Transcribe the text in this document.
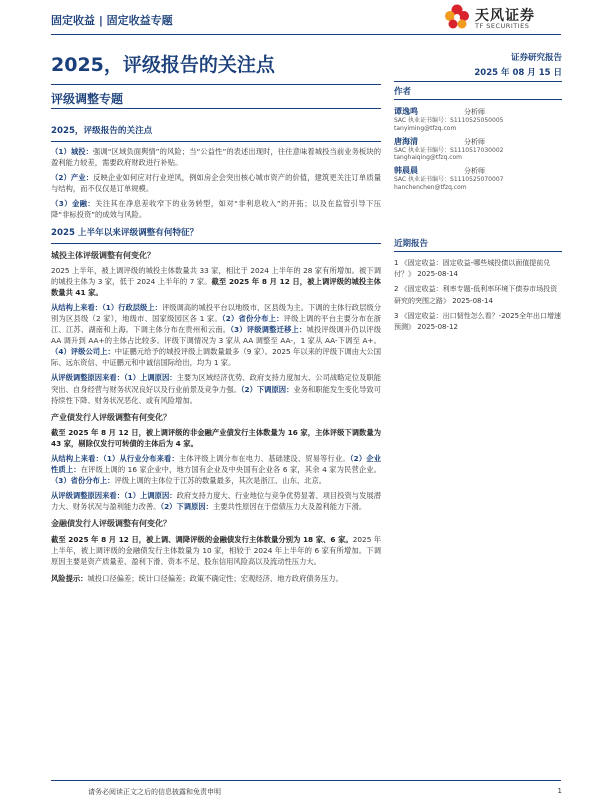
固定收益 | 固定收益专题	天风证券
TF SECURITIES
2025，评级报告的关注点	证券研究报告
2025 年 08 月 15 日
评级调整专题
2025，评级报告的关注点

（1）城投：强调“区域负面舆情”的风险；当“公益性”的表述出现时，往往意味着城投当前业务板块的盈利能力较差，需要政府财政进行补贴。

（2）产业：反映企业如何应对行业逆风，例如房企会突出核心城市资产的价值，建筑更关注订单质量与结构，而不仅仅是订单规模。

（3）金融：关注其在净息差收窄下的业务转型，如对“非利息收入”的开拓；以及在监管引导下压降“非标投资”的成效与风险。

2025 上半年以来评级调整有何特征？
城投主体评级调整有何变化？

2025 上半年，被上调评级的城投主体数量共 33 家，相比于 2024 上半年的 28 家有所增加。被下调的城投主体为 3 家，低于 2024 上半年的 7 家。截至 2025 年 8 月 12 日，被上调评级的城投主体数量共 41 家。

从结构上来看：（1）行政层级上：评级调高的城投平台以地级市、区县级为主。下调的主体行政层级分别为区县级（2 家），地级市、国家级园区各 1 家。（2）省份分布上：评级上调的平台主要分布在浙江、江苏、湖南和上海。下调主体分布在贵州和云南。（3）评级调整迁移上：城投评级调升仍以评级 AA 调升到 AA+的主体占比较多。评级下调情况为 3 家从 AA 调整至 AA-，1 家从 AA-下调至 A+。（4）评级公司上：中证鹏元给予的城投评级上调数量最多（9 家）。2025 年以来的评级下调由大公国际、远东资信、中证鹏元和中诚信国际给出，均为 1 家。

从评级调整原因来看：（1）上调原因：主要为区域经济优势、政府支持力度加大、公司战略定位及职能突出、自身经营与财务状况良好以及行业前景及竞争力强。（2）下调原因：业务和职能发生变化导致可持续性下降、财务状况恶化、或有风险增加。

产业债发行人评级调整有何变化？

截至 2025 年 8 月 12 日，被上调评级的非金融产业债发行主体数量为 16 家，主体评级下调数量为 43 家，剔除仅发行可转债的主体后为 4 家。

从结构上来看：（1）从行业分布来看：主体评级上调分布在电力、基础建设、贸易等行业。（2）企业性质上：在评级上调的 16 家企业中，地方国有企业及中央国有企业各 6 家，其余 4 家为民营企业。（3）省份分布上：评级上调的主体位于江苏的数量最多，其次是浙江、山东、北京。

从评级调整原因来看：（1）上调原因：政府支持力度大、行业地位与竞争优势显著、项目投资与发展潜力大、财务状况与盈利能力改善。（2）下调原因：主要共性原因在于偿债压力大及盈利能力下滑。

金融债发行人评级调整有何变化？

截至 2025 年 8 月 12 日，被上调、调降评级的金融债发行主体数量分别为 18 家、6 家。2025 年上半年，被上调评级的金融债发行主体数量为 10 家，相较于 2024 年上半年的 6 家有所增加。下调原因主要是资产质量差、盈利下滑、资本不足、股东信用风险高以及流动性压力大。

风险提示：城投口径偏差；统计口径偏差；政策不确定性；宏观经济、地方政府债务压力。

作者
谭逸鸣	分析师
SAC 执业证书编号：S1110525050005
tanyiming@tfzq.com
唐海清	分析师
SAC 执业证书编号：S1110517030002
tanghaiqing@tfzq.com
韩晨晨	分析师
SAC 执业证书编号：S1110525070007
hanchenchen@tfzq.com
近期报告
1 《固定收益：固定收益-哪些城投债以面值提前兑付？》 2025-08-14
2 《固定收益：利率专题-低利率环境下债券市场投资研究的突围之路》 2025-08-14
3 《固定收益：出口韧性怎么看？-2025全年出口增速预测》 2025-08-12
请务必阅读正文之后的信息披露和免责申明	1
